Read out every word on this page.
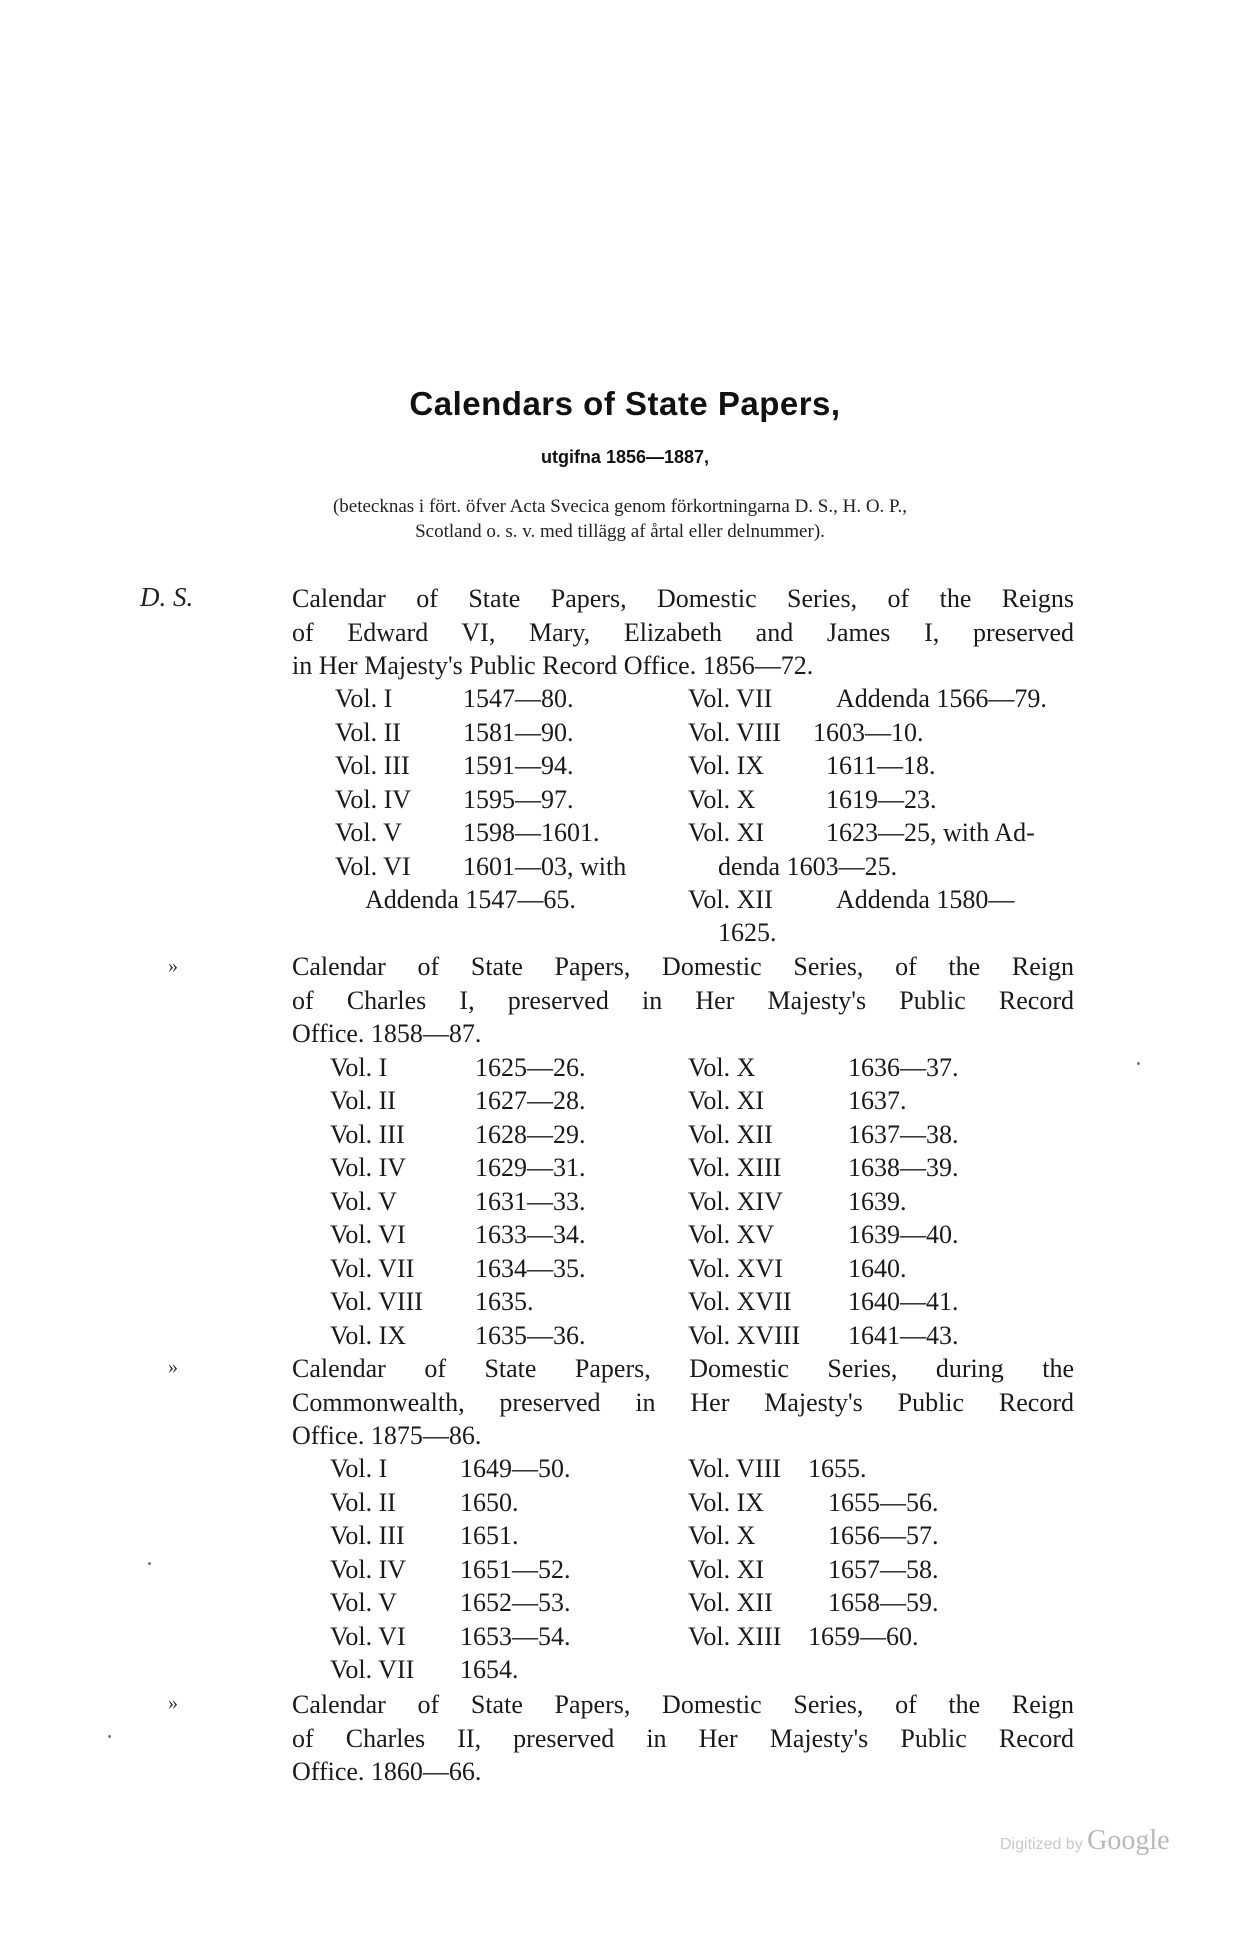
Calendars of State Papers,
utgifna 1856—1887,
(betecknas i fört. öfver Acta Svecica genom förkortningarna D. S., H. O. P.,
Scotland o. s. v. med tillägg af årtal eller delnummer).
D. S.	Calendar of State Papers, Domestic Series, of the Reigns
of Edward VI, Mary, Elizabeth and James I, preserved
in Her Majesty's Public Record Office. 1856—72.
Vol. I	1547—80.
Vol. II 1581—90.
Vol. III 1591—94.
Vol. IV 1595—97.
Vol. V 1598—1601.
Vol. VI 1601—03, with
Addenda 1547—65.
Vol. VII Addenda 1566—79.
Vol. VIII 1603—10.
Vol. IX 1611—18.
Vol. X	1619—23.
Vol. XI 1623—25, with Ad-
denda 1603—25.
Vol. XII Addenda 1580—
1625.
»	Calendar of State Papers, Domestic Series, of the Reign
of Charles I, preserved in Her Majesty's Public Record
Office. 1858—87.
Vol. I	1625—26.
Vol. II	1627—28.
Vol. III	1628—29.
Vol. IV	1629—31.
Vol. V	1631—33.
Vol. VI	1633—34.
Vol. VII 1634—35.
Vol. VIII 1635.
Vol. IX	1635—36.
Vol. X	1636—37.
Vol. XI	1637.
Vol. XII	1637—38.
Vol. XIII	1638—39.
Vol. XIV	1639.
Vol. XV	1639—40.
Vol. XVI	1640.
Vol. XVII 1640—41.
Vol. XVIII 1641—43.
»	Calendar of State Papers, Domestic Series, during the
Commonwealth, preserved in Her Majesty's Public Record
Office. 1875—86.
Vol. I	1649—50.
Vol. II 1650.
Vol. III 1651.
Vol. IV 1651—52.
Vol. V 1652—53.
Vol. VI 1653—54.
Vol. VII 1654.
Vol. VIII 1655.
Vol. IX 1655—56.
Vol. X	1656—57.
Vol. XI 1657—58.
Vol. XII 1658—59.
Vol. XIII 1659—60.
»	Calendar of State Papers, Domestic Series, of the Reign
of Charles II, preserved in Her Majesty's Public Record
Office. 1860—66.
Digitized by Google
